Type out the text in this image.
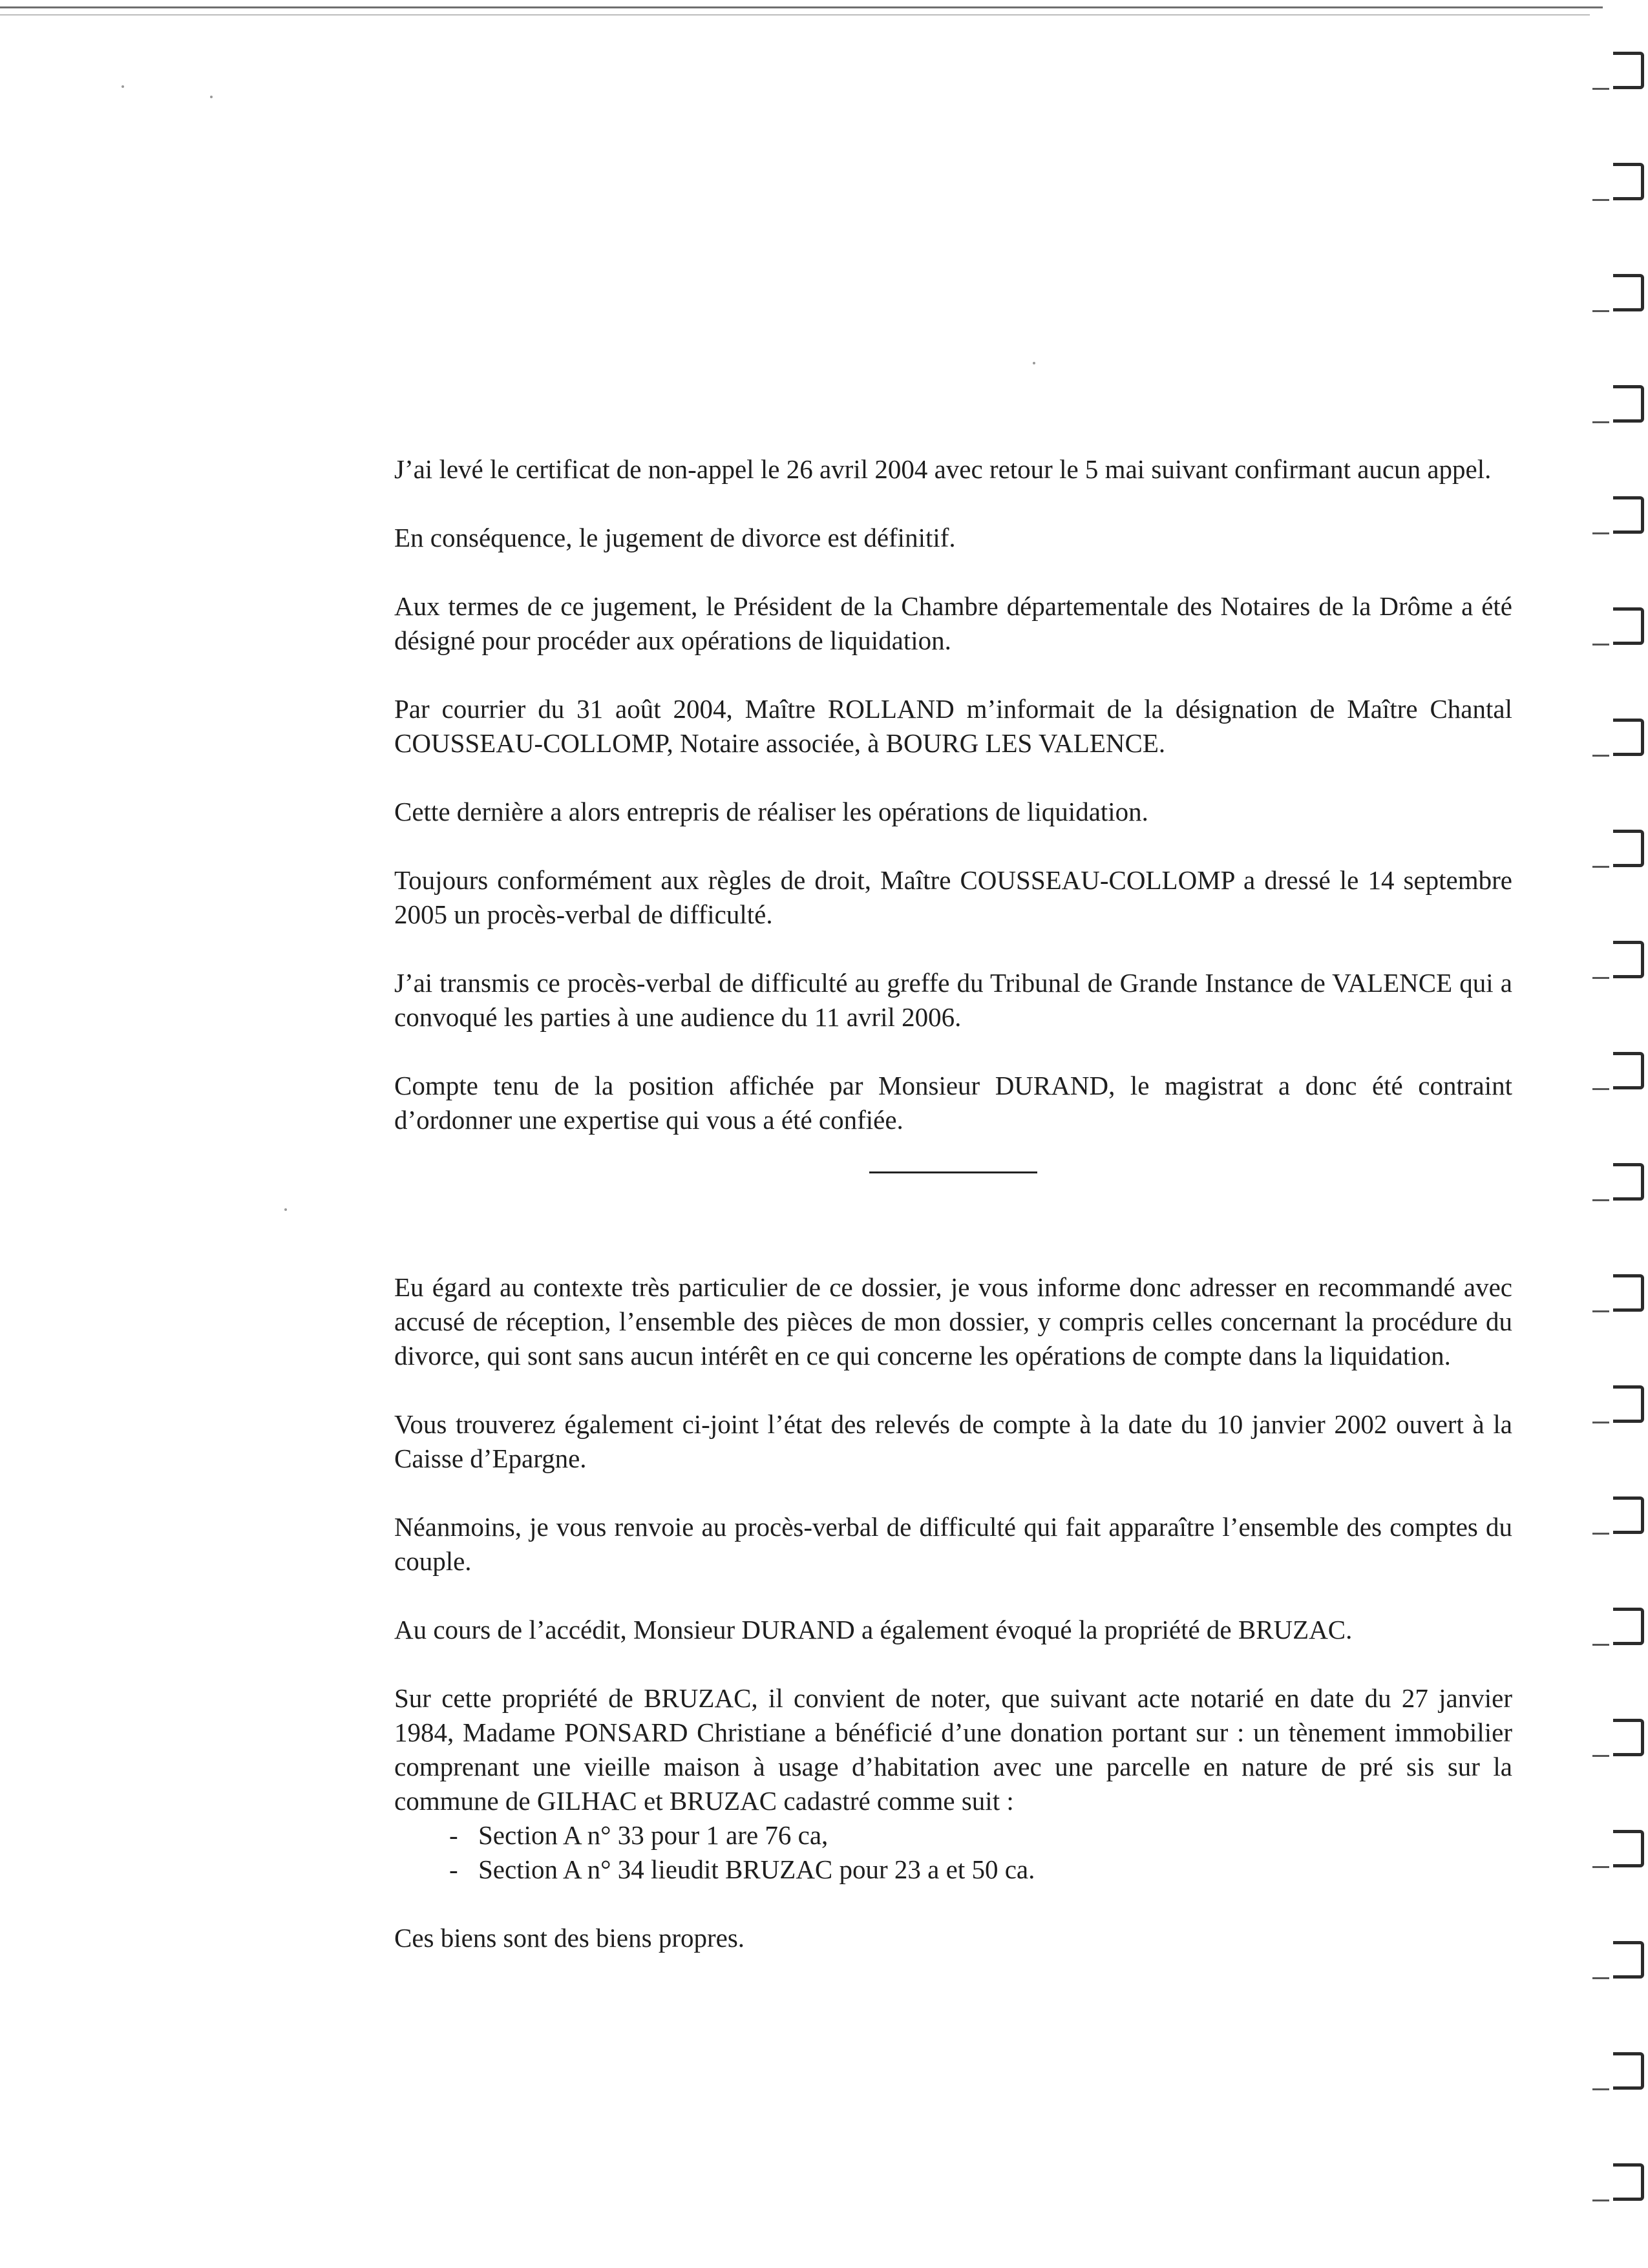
J’ai levé le certificat de non-appel le 26 avril 2004 avec retour le 5 mai suivant confirmant aucun appel.

En conséquence, le jugement de divorce est définitif.

Aux termes de ce jugement, le Président de la Chambre départementale des Notaires de la Drôme a été désigné pour procéder aux opérations de liquidation.

Par courrier du 31 août 2004, Maître ROLLAND m’informait de la désignation de Maître Chantal COUSSEAU-COLLOMP, Notaire associée, à BOURG LES VALENCE.

Cette dernière a alors entrepris de réaliser les opérations de liquidation.

Toujours conformément aux règles de droit, Maître COUSSEAU-COLLOMP a dressé le 14 septembre 2005 un procès-verbal de difficulté.

J’ai transmis ce procès-verbal de difficulté au greffe du Tribunal de Grande Instance de VALENCE qui a convoqué les parties à une audience du 11 avril 2006.

Compte tenu de la position affichée par Monsieur DURAND, le magistrat a donc été contraint d’ordonner une expertise qui vous a été confiée.

Eu égard au contexte très particulier de ce dossier, je vous informe donc adresser en recommandé avec accusé de réception, l’ensemble des pièces de mon dossier, y compris celles concernant la procédure du divorce, qui sont sans aucun intérêt en ce qui concerne les opérations de compte dans la liquidation.

Vous trouverez également ci-joint l’état des relevés de compte à la date du 10 janvier 2002 ouvert à la Caisse d’Epargne.

Néanmoins, je vous renvoie au procès-verbal de difficulté qui fait apparaître l’ensemble des comptes du couple.

Au cours de l’accédit, Monsieur DURAND a également évoqué la propriété de BRUZAC.

Sur cette propriété de BRUZAC, il convient de noter, que suivant acte notarié en date du 27 janvier 1984, Madame PONSARD Christiane a bénéficié d’une donation portant sur : un tènement immobilier comprenant une vieille maison à usage d’habitation avec une parcelle en nature de pré sis sur la commune de GILHAC et BRUZAC cadastré comme suit :

- Section A n° 33 pour 1 are 76 ca,
- Section A n° 34 lieudit BRUZAC pour 23 a et 50 ca.

Ces biens sont des biens propres.
